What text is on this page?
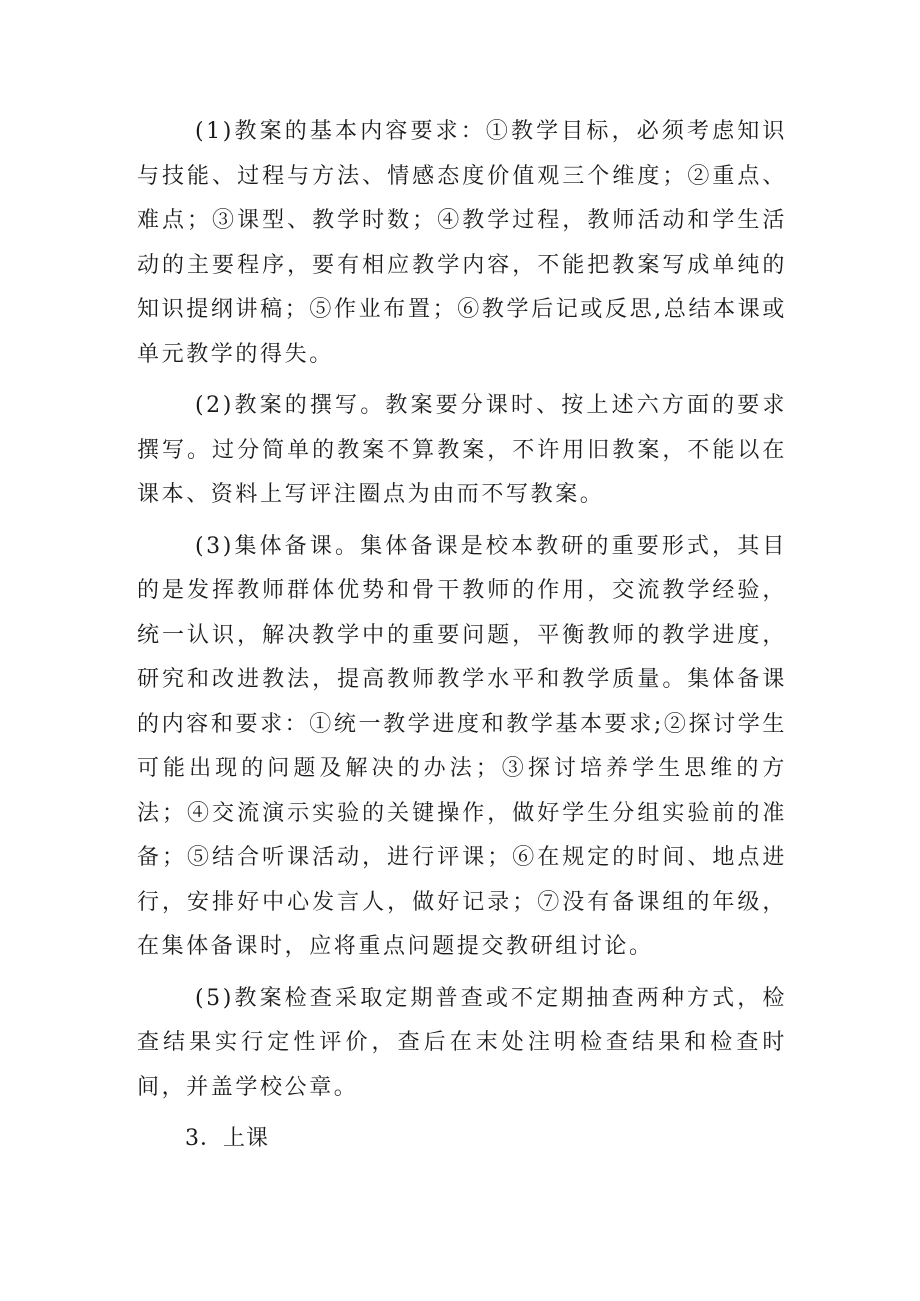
(1)教案的基本内容要求：①教学目标，必须考虑知识与技能、过程与方法、情感态度价值观三个维度；②重点、难点；③课型、教学时数；④教学过程，教师活动和学生活动的主要程序，要有相应教学内容，不能把教案写成单纯的知识提纲讲稿；⑤作业布置；⑥教学后记或反思,总结本课或单元教学的得失。

(2)教案的撰写。教案要分课时、按上述六方面的要求撰写。过分简单的教案不算教案，不许用旧教案，不能以在课本、资料上写评注圈点为由而不写教案。

(3)集体备课。集体备课是校本教研的重要形式，其目的是发挥教师群体优势和骨干教师的作用，交流教学经验，统一认识，解决教学中的重要问题，平衡教师的教学进度，研究和改进教法，提高教师教学水平和教学质量。集体备课的内容和要求：①统一教学进度和教学基本要求;②探讨学生可能出现的问题及解决的办法；③探讨培养学生思维的方法；④交流演示实验的关键操作，做好学生分组实验前的准备；⑤结合听课活动，进行评课；⑥在规定的时间、地点进行，安排好中心发言人，做好记录；⑦没有备课组的年级，在集体备课时，应将重点问题提交教研组讨论。

(5)教案检查采取定期普查或不定期抽查两种方式，检查结果实行定性评价，查后在末处注明检查结果和检查时间，并盖学校公章。

3．上课
